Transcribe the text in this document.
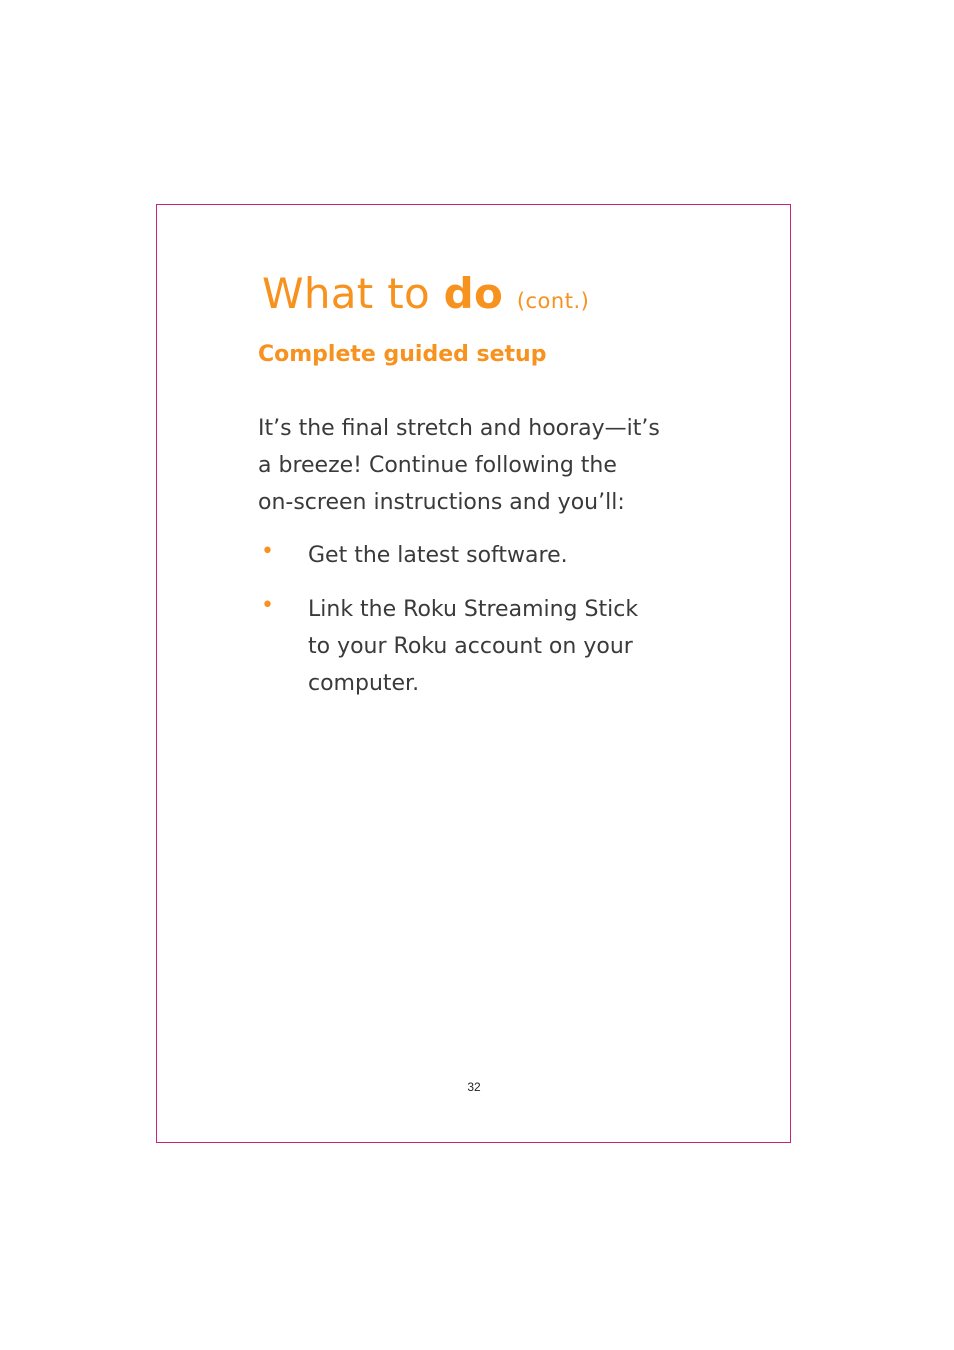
What to do (cont.)
Complete guided setup

It’s the final stretch and hooray—it’s
a breeze! Continue following the
on-screen instructions and you’ll:

• Get the latest software.
• Link the Roku Streaming Stick
to your Roku account on your
computer.
32
